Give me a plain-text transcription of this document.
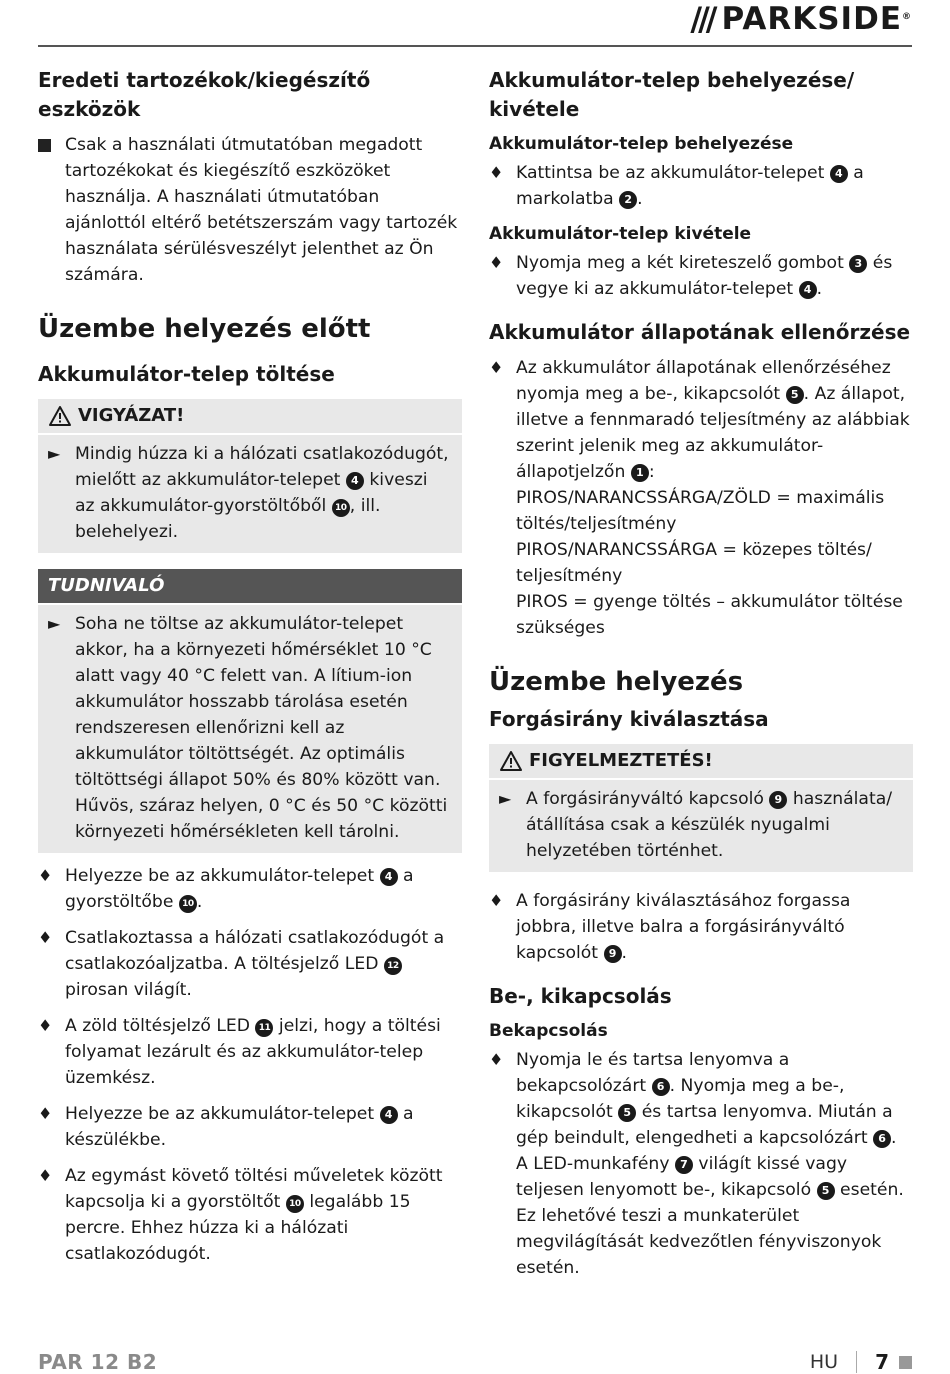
/// PARKSIDE®
Eredeti tartozékok/kiegészítő eszközök

Csak a használati útmutatóban megadott tartozékokat és kiegészítő eszközöket használja. A használati útmutatóban ajánlottól eltérő betétszerszám vagy tartozék használata sérülésveszélyt jelenthet az Ön számára.

Üzembe helyezés előtt
Akkumulátor-telep töltése
VIGYÁZAT!
► Mindig húzza ki a hálózati csatlakozódugót, mielőtt az akkumulátor-telepet 4 kiveszi az akkumulátor-gyorstöltőből 10 , ill. belehelyezi.

TUDNIVALÓ
► Soha ne töltse az akkumulátor-telepet akkor, ha a környezeti hőmérséklet 10 °C alatt vagy 40 °C felett van. A lítium-ion akkumulátor hosszabb tárolása esetén rendszeresen ellenőrizni kell az akkumulátor töltöttségét. Az optimális töltöttségi állapot 50% és 80% között van. Hűvös, száraz helyen, 0 °C és 50 °C közötti környezeti hőmérsékleten kell tárolni.

♦ Helyezze be az akkumulátor-telepet 4 a gyorstöltőbe 10 .

♦ Csatlakoztassa a hálózati csatlakozódugót a csatlakozóaljzatba. A töltésjelző LED 12 pirosan világít.

♦ A zöld töltésjelző LED 11 jelzi, hogy a töltési folyamat lezárult és az akkumulátor-telep üzemkész.

♦ Helyezze be az akkumulátor-telepet 4 a készülékbe.

♦ Az egymást követő töltési műveletek között kapcsolja ki a gyorstöltőt 10 legalább 15 percre. Ehhez húzza ki a hálózati csatlakozódugót.

Akkumulátor-telep behelyezése/ kivétele
Akkumulátor-telep behelyezése
♦ Kattintsa be az akkumulátor-telepet 4 a markolatba 2 .

Akkumulátor-telep kivétele
♦ Nyomja meg a két kireteszelő gombot 3 és vegye ki az akkumulátor-telepet 4 .

Akkumulátor állapotának ellenőrzése
♦ Az akkumulátor állapotának ellenőrzéséhez nyomja meg a be-, kikapcsolót 5 . Az állapot, illetve a fennmaradó teljesítmény az alábbiak szerint jelenik meg az akkumulátor-állapotjelzőn 1 :

PIROS/NARANCSSÁRGA/ZÖLD = maximális töltés/teljesítmény

PIROS/NARANCSSÁRGA = közepes töltés/ teljesítmény

PIROS = gyenge töltés – akkumulátor töltése szükséges

Üzembe helyezés
Forgásirány kiválasztása
FIGYELMEZTETÉS!
► A forgásirányváltó kapcsoló 9 használata/ átállítása csak a készülék nyugalmi helyzetében történhet.

♦ A forgásirány kiválasztásához forgassa jobbra, illetve balra a forgásirányváltó kapcsolót 9 .

Be-, kikapcsolás
Bekapcsolás
♦ Nyomja le és tartsa lenyomva a bekapcsolózárt 6 . Nyomja meg a be-, kikapcsolót 5 és tartsa lenyomva. Miután a gép beindult, elengedheti a kapcsolózárt 6 . A LED-munkafény 7 világít kissé vagy teljesen lenyomott be-, kikapcsoló 5 esetén. Ez lehetővé teszi a munkaterület megvilágítását kedvezőtlen fényviszonyok esetén.

PAR 12 B2	HU 7
